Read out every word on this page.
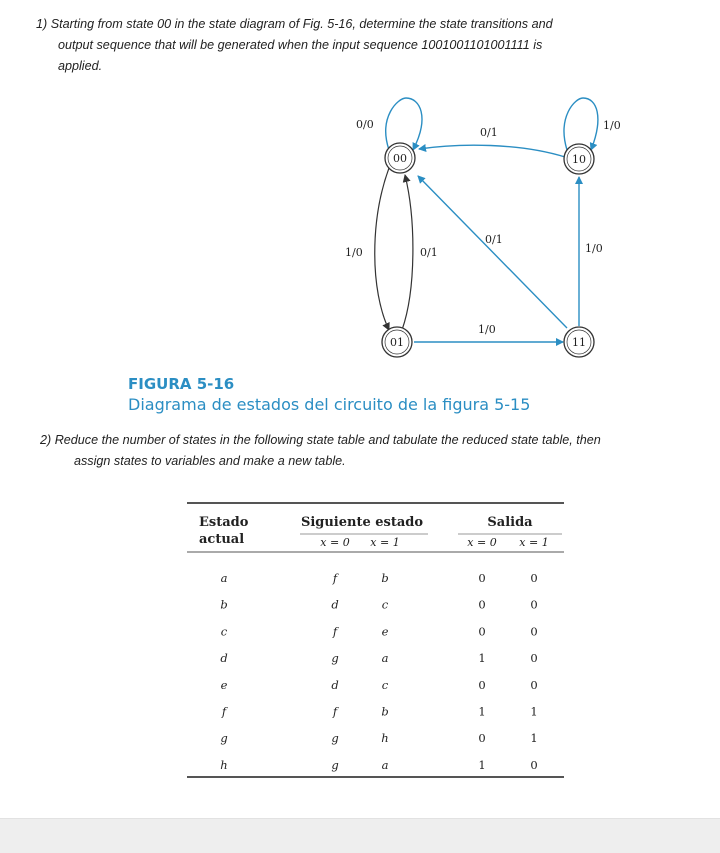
1) Starting from state 00 in the state diagram of Fig. 5-16, determine the state transitions and
output sequence that will be generated when the input sequence 1001001101001111 is
applied.
00	10
01	11
0/0	1/0
0/1
1/0	0/1
0/1
1/0
1/0
FIGURA 5-16
Diagrama de estados del circuito de la figura 5-15
2) Reduce the number of states in the following state table and tabulate the reduced state table, then
assign states to variables and make a new table.
Estado
actual
Siguiente estado	Salida
x = 0 x = 1	x = 0 x = 1
a	f	b	0	0
b	d	c	0	0
c	f	e	0	0
d	g	a	1	0
e	d	c	0	0
f	f	b	1	1
g	g	h	0	1
h	g	a	1	0
